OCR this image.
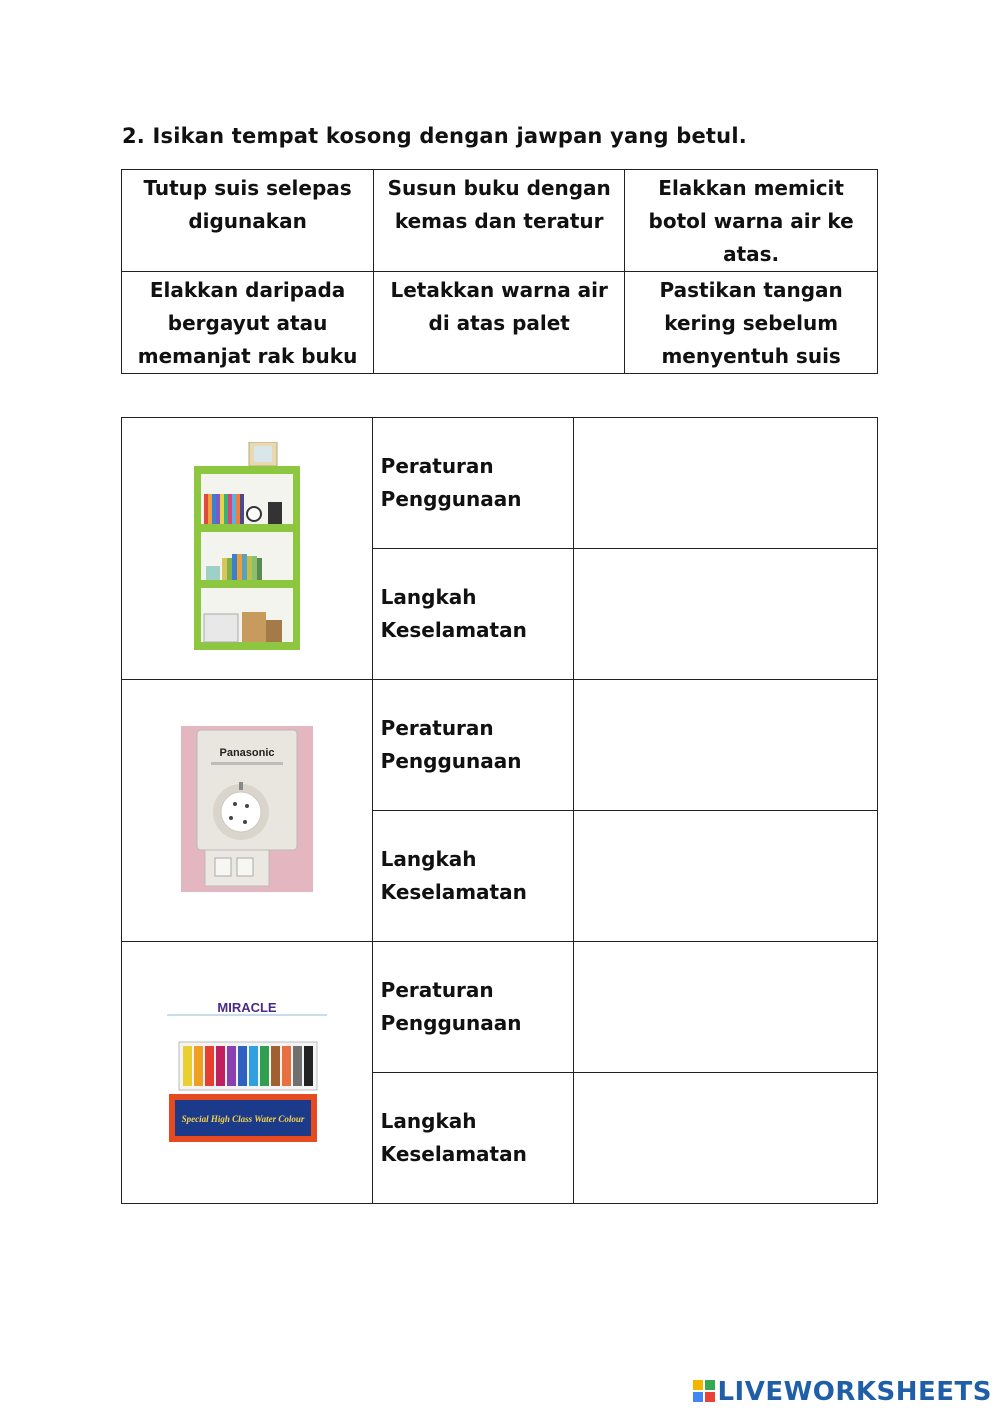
2. Isikan tempat kosong dengan jawpan yang betul.
Tutup suis selepas digunakan	Susun buku dengan kemas dan teratur	Elakkan memicit botol warna air ke atas.
Elakkan daripada bergayut atau memanjat rak buku	Letakkan warna air di atas palet	Pastikan tangan kering sebelum menyentuh suis
	Peraturan Penggunaan	
	Langkah Keselamatan	

Panasonic	Peraturan Penggunaan	
	Langkah Keselamatan	

MIRACLE
Special High Class Water Colour	Peraturan Penggunaan	
	Langkah Keselamatan	
LIVEWORKSHEETS
